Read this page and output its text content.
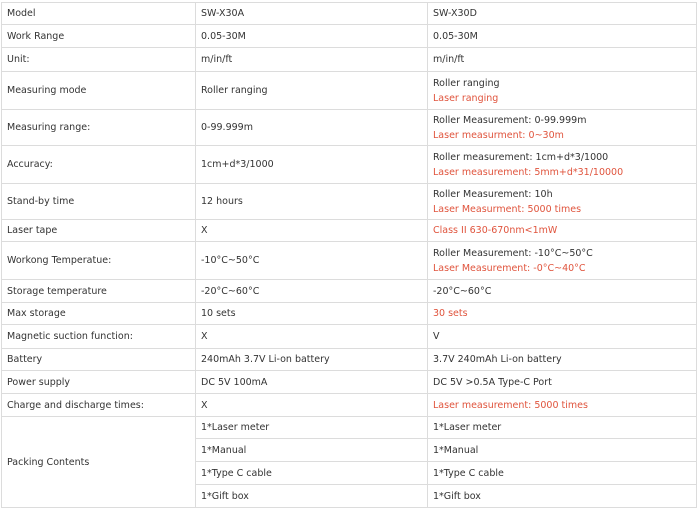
Model	SW-X30A	SW-X30D

Work Range	0.05-30M	0.05-30M

Unit:	m/in/ft	m/in/ft

Measuring mode	Roller ranging	Roller ranging
Laser ranging

Measuring range:	0-99.999m	Roller Measurement: 0-99.999m
Laser measurment: 0~30m

Accuracy:	1cm+d*3/1000	Roller measurement: 1cm+d*3/1000
Laser measurement: 5mm+d*31/10000

Stand-by time	12 hours	Roller Measurement: 10h
Laser Measurment: 5000 times

Laser tape	X	Class II 630-670nm<1mW

Workong Temperatue:	-10°C~50°C	Roller Measurement: -10°C~50°C
Laser Measurement: -0°C~40°C

Storage temperature	-20°C~60°C	-20°C~60°C

Max storage	10 sets	30 sets

Magnetic suction function:	X	V

Battery	240mAh 3.7V Li-on battery	3.7V 240mAh Li-on battery

Power supply	DC 5V 100mA	DC 5V >0.5A Type-C Port

Charge and discharge times:	X	Laser measurement: 5000 times

Packing Contents	1*Laser meter	1*Laser meter
	1*Manual	1*Manual
	1*Type C cable	1*Type C cable
	1*Gift box	1*Gift box
